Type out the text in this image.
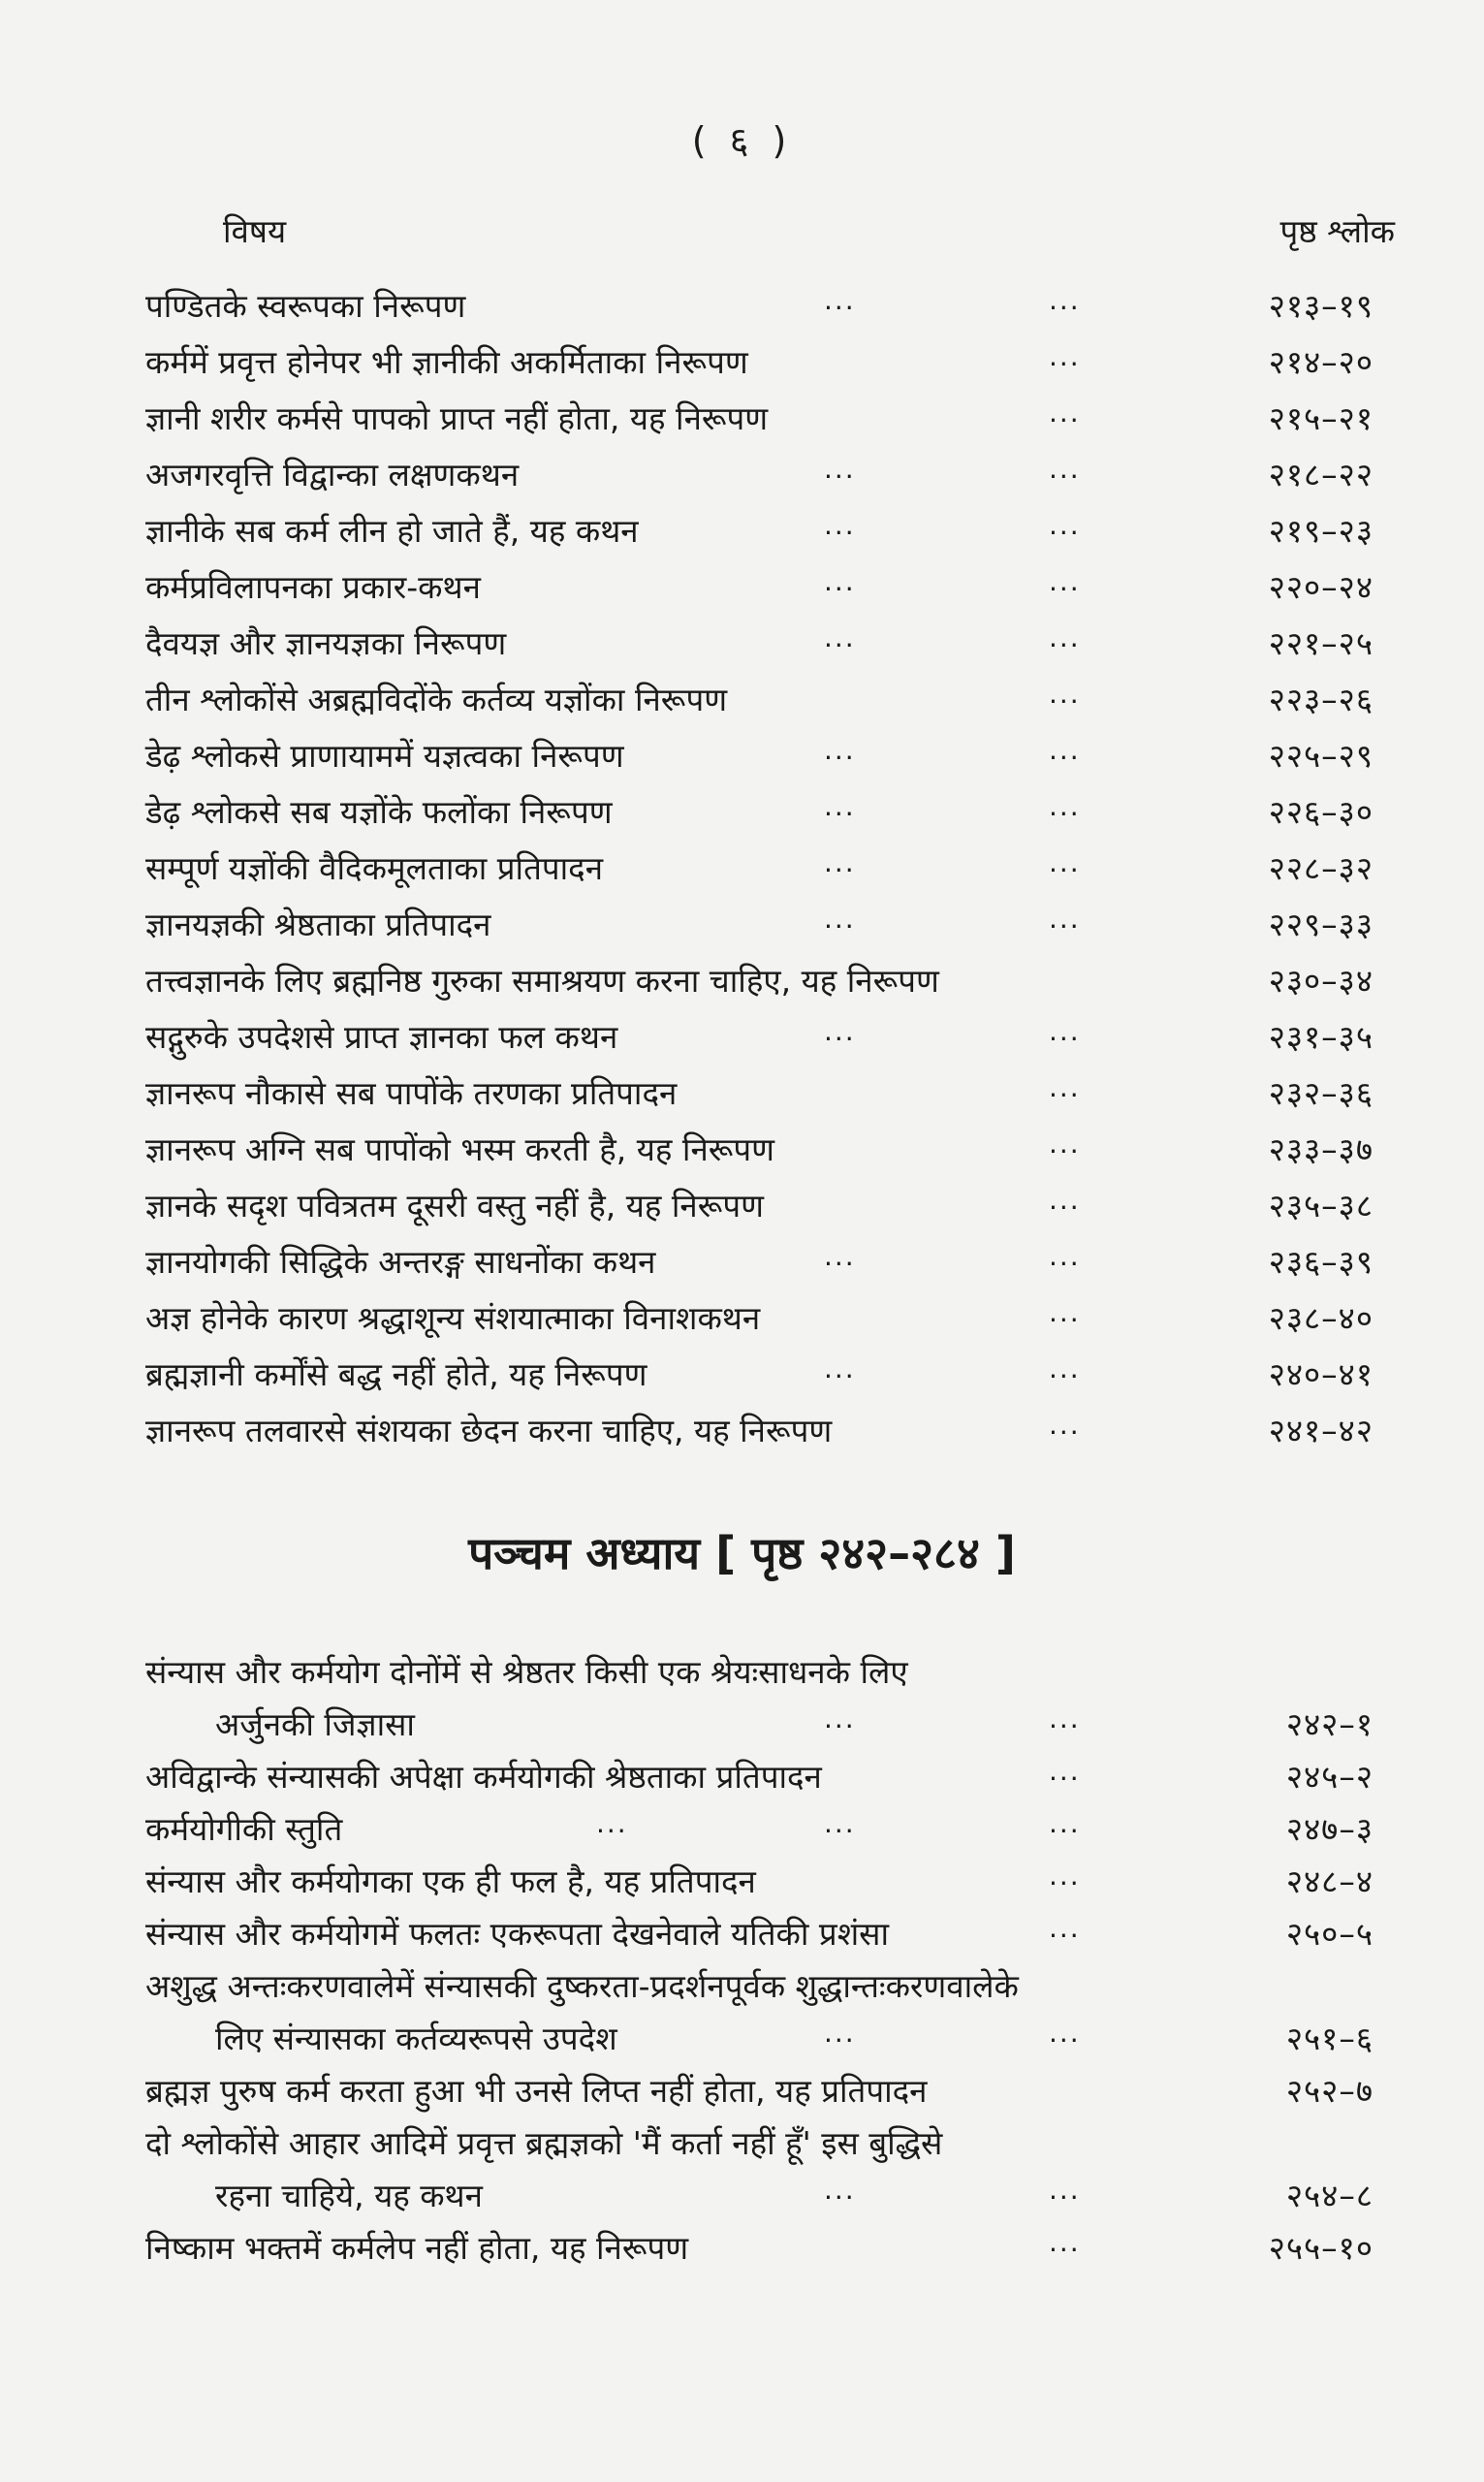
( ६ )
विषय	पृष्ठ श्लोक
पण्डितके स्वरूपका निरूपण	...	...	२१३–१९
कर्ममें प्रवृत्त होनेपर भी ज्ञानीकी अकर्मिताका निरूपण	...	२१४–२०
ज्ञानी शरीर कर्मसे पापको प्राप्त नहीं होता, यह निरूपण	...	२१५–२१
अजगरवृत्ति विद्वान्का लक्षणकथन	...	...	२१८–२२
ज्ञानीके सब कर्म लीन हो जाते हैं, यह कथन	...	...	२१९–२३
कर्मप्रविलापनका प्रकार-कथन	...	...	२२०–२४
दैवयज्ञ और ज्ञानयज्ञका निरूपण	...	...	२२१–२५
तीन श्लोकोंसे अब्रह्मविदोंके कर्तव्य यज्ञोंका निरूपण	...	२२३–२६
डेढ़ श्लोकसे प्राणायाममें यज्ञत्वका निरूपण	...	...	२२५–२९
डेढ़ श्लोकसे सब यज्ञोंके फलोंका निरूपण	...	...	२२६–३०
सम्पूर्ण यज्ञोंकी वैदिकमूलताका प्रतिपादन	...	...	२२८–३२
ज्ञानयज्ञकी श्रेष्ठताका प्रतिपादन	...	...	२२९–३३
तत्त्वज्ञानके लिए ब्रह्मनिष्ठ गुरुका समाश्रयण करना चाहिए, यह निरूपण	२३०–३४
सद्गुरुके उपदेशसे प्राप्त ज्ञानका फल कथन	...	...	२३१–३५
ज्ञानरूप नौकासे सब पापोंके तरणका प्रतिपादन	...	२३२–३६
ज्ञानरूप अग्नि सब पापोंको भस्म करती है, यह निरूपण	...	२३३–३७
ज्ञानके सदृश पवित्रतम दूसरी वस्तु नहीं है, यह निरूपण	...	२३५–३८
ज्ञानयोगकी सिद्धिके अन्तरङ्ग साधनोंका कथन	...	...	२३६–३९
अज्ञ होनेके कारण श्रद्धाशून्य संशयात्माका विनाशकथन	...	२३८–४०
ब्रह्मज्ञानी कर्मोंसे बद्ध नहीं होते, यह निरूपण	...	...	२४०–४१
ज्ञानरूप तलवारसे संशयका छेदन करना चाहिए, यह निरूपण	...	२४१–४२
पञ्चम अध्याय [ पृष्ठ २४२–२८४ ]
संन्यास और कर्मयोग दोनोंमें से श्रेष्ठतर किसी एक श्रेयःसाधनके लिए
अर्जुनकी जिज्ञासा	...	...	२४२–१
अविद्वान्के संन्यासकी अपेक्षा कर्मयोगकी श्रेष्ठताका प्रतिपादन	...	२४५–२
कर्मयोगीकी स्तुति	...	...	...	२४७–३
संन्यास और कर्मयोगका एक ही फल है, यह प्रतिपादन	...	२४८–४
संन्यास और कर्मयोगमें फलतः एकरूपता देखनेवाले यतिकी प्रशंसा	...	२५०–५
अशुद्ध अन्तःकरणवालेमें संन्यासकी दुष्करता-प्रदर्शनपूर्वक शुद्धान्तःकरणवालेके
लिए संन्यासका कर्तव्यरूपसे उपदेश	...	...	२५१–६
ब्रह्मज्ञ पुरुष कर्म करता हुआ भी उनसे लिप्त नहीं होता, यह प्रतिपादन	२५२–७
दो श्लोकोंसे आहार आदिमें प्रवृत्त ब्रह्मज्ञको 'मैं कर्ता नहीं हूँ' इस बुद्धिसे
रहना चाहिये, यह कथन	...	...	२५४–८
निष्काम भक्तमें कर्मलेप नहीं होता, यह निरूपण	...	२५५–१०
